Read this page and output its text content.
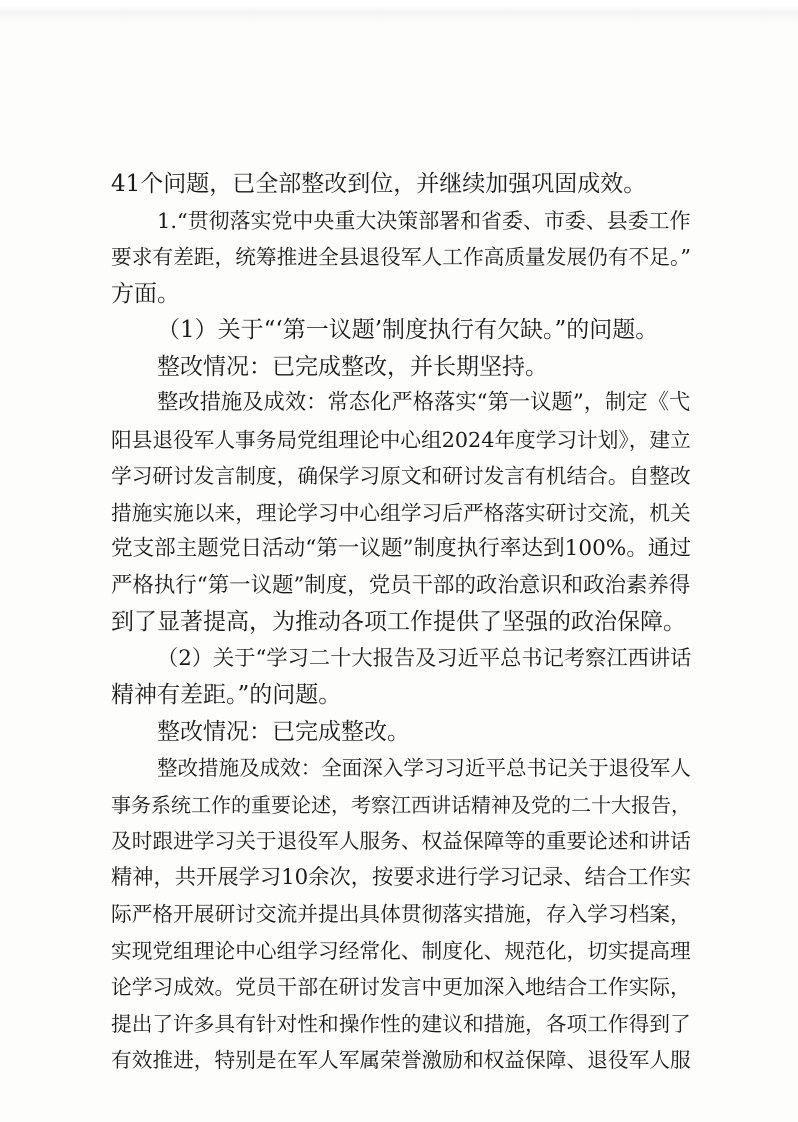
41个问题，已全部整改到位，并继续加强巩固成效。
1.“贯彻落实党中央重大决策部署和省委、市委、县委工作
要求有差距，统筹推进全县退役军人工作高质量发展仍有不足。”
方面。
（1）关于“‘第一议题’制度执行有欠缺。”的问题。
整改情况：已完成整改，并长期坚持。
整改措施及成效：常态化严格落实“第一议题”，制定《弋
阳县退役军人事务局党组理论中心组2024年度学习计划》，建立
学习研讨发言制度，确保学习原文和研讨发言有机结合。自整改
措施实施以来，理论学习中心组学习后严格落实研讨交流，机关
党支部主题党日活动“第一议题”制度执行率达到100%。通过
严格执行“第一议题”制度，党员干部的政治意识和政治素养得
到了显著提高，为推动各项工作提供了坚强的政治保障。
（2）关于“学习二十大报告及习近平总书记考察江西讲话
精神有差距。”的问题。
整改情况：已完成整改。
整改措施及成效：全面深入学习习近平总书记关于退役军人
事务系统工作的重要论述，考察江西讲话精神及党的二十大报告，
及时跟进学习关于退役军人服务、权益保障等的重要论述和讲话
精神，共开展学习10余次，按要求进行学习记录、结合工作实
际严格开展研讨交流并提出具体贯彻落实措施，存入学习档案，
实现党组理论中心组学习经常化、制度化、规范化，切实提高理
论学习成效。党员干部在研讨发言中更加深入地结合工作实际，
提出了许多具有针对性和操作性的建议和措施，各项工作得到了
有效推进，特别是在军人军属荣誉激励和权益保障、退役军人服
